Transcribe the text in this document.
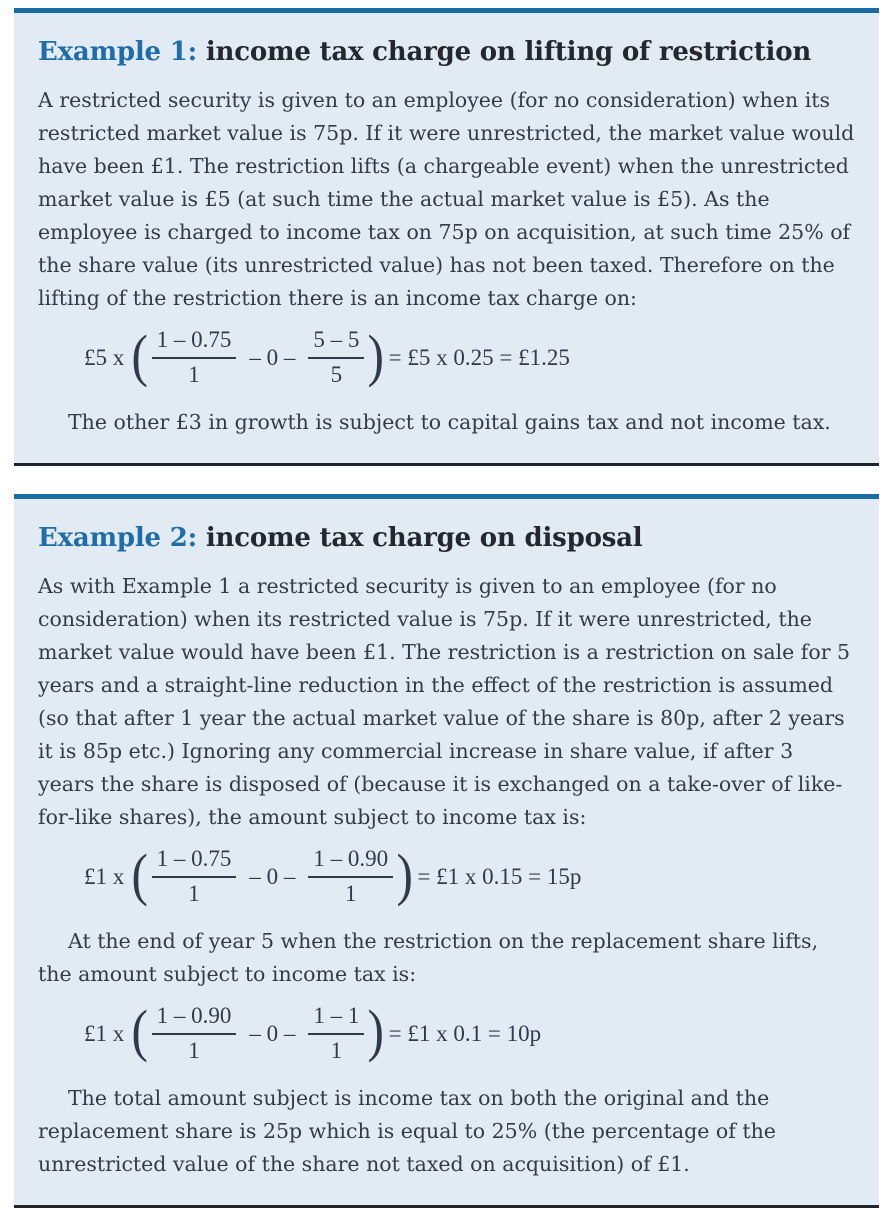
Example 1: income tax charge on lifting of restriction

A restricted security is given to an employee (for no consideration) when its restricted market value is 75p. If it were unrestricted, the market value would have been £1. The restriction lifts (a chargeable event) when the unrestricted market value is £5 (at such time the actual market value is £5). As the employee is charged to income tax on 75p on acquisition, at such time 25% of the share value (its unrestricted value) has not been taxed. Therefore on the lifting of the restriction there is an income tax charge on:

£5 x ( $\frac{1 - 0.75}{1} - 0 - \frac{5 - 5}{5}$ ) = £5 x 0.25 = £1.25

The other £3 in growth is subject to capital gains tax and not income tax.

Example 2: income tax charge on disposal

As with Example 1 a restricted security is given to an employee (for no consideration) when its restricted value is 75p. If it were unrestricted, the market value would have been £1. The restriction is a restriction on sale for 5 years and a straight-line reduction in the effect of the restriction is assumed (so that after 1 year the actual market value of the share is 80p, after 2 years it is 85p etc.) Ignoring any commercial increase in share value, if after 3 years the share is disposed of (because it is exchanged on a take-over of like-for-like shares), the amount subject to income tax is:

£1 x ( $\frac{1 - 0.75}{1} - 0 - \frac{1 - 0.90}{1}$ ) = £1 x 0.15 = 15p

At the end of year 5 when the restriction on the replacement share lifts, the amount subject to income tax is:

£1 x ( $\frac{1 - 0.90}{1} - 0 - \frac{1 - 1}{1}$ ) = £1 x 0.1 = 10p

The total amount subject is income tax on both the original and the replacement share is 25p which is equal to 25% (the percentage of the unrestricted value of the share not taxed on acquisition) of £1.
